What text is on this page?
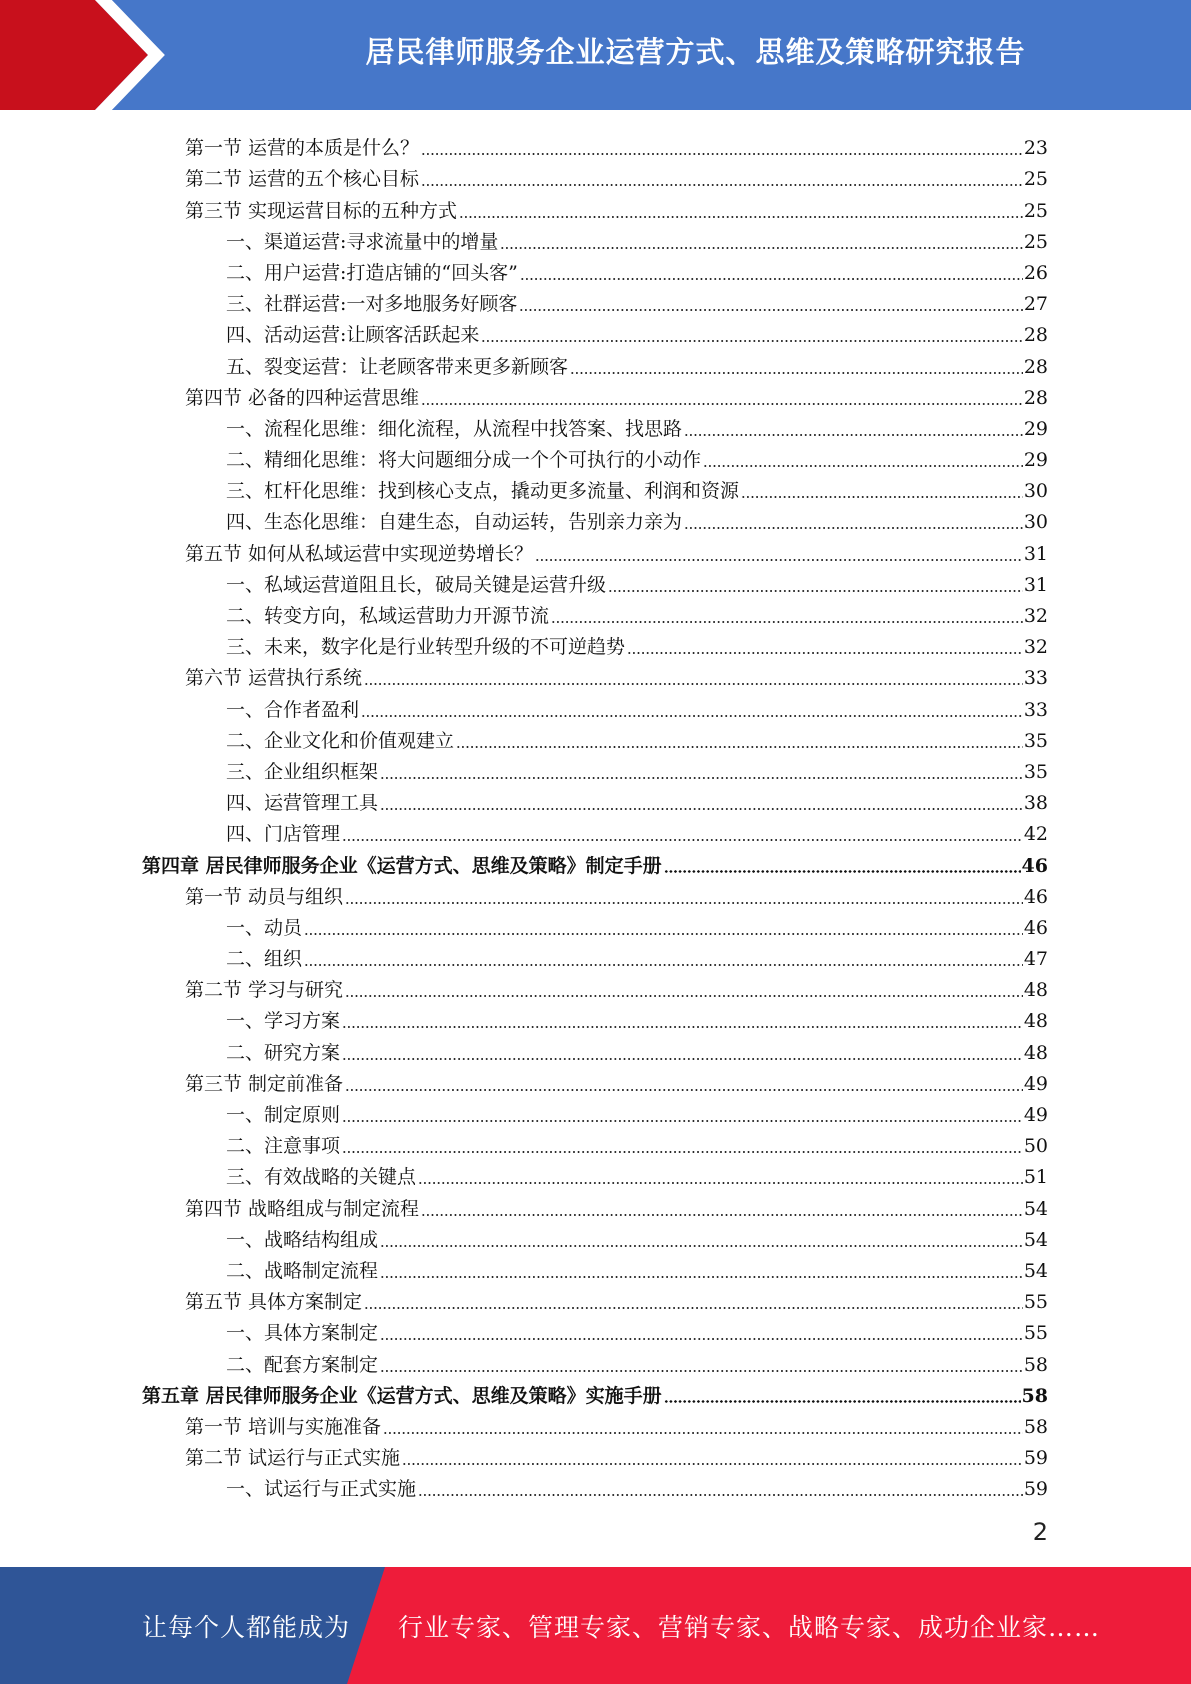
居民律师服务企业运营方式、思维及策略研究报告
第一节 运营的本质是什么？	23
第二节 运营的五个核心目标	25
第三节 实现运营目标的五种方式	25
一、渠道运营:寻求流量中的增量	25
二、用户运营:打造店铺的“回头客”	26
三、社群运营:一对多地服务好顾客	27
四、活动运营:让顾客活跃起来	28
五、裂变运营：让老顾客带来更多新顾客	28
第四节 必备的四种运营思维	28
一、流程化思维：细化流程，从流程中找答案、找思路	29
二、精细化思维：将大问题细分成一个个可执行的小动作	29
三、杠杆化思维：找到核心支点，撬动更多流量、利润和资源	30
四、生态化思维：自建生态，自动运转，告别亲力亲为	30
第五节 如何从私域运营中实现逆势增长？	31
一、私域运营道阻且长，破局关键是运营升级	31
二、转变方向，私域运营助力开源节流	32
三、未来，数字化是行业转型升级的不可逆趋势	32
第六节 运营执行系统	33
一、合作者盈利	33
二、企业文化和价值观建立	35
三、企业组织框架	35
四、运营管理工具	38
四、门店管理	42
第四章 居民律师服务企业《运营方式、思维及策略》制定手册	46
第一节 动员与组织	46
一、动员	46
二、组织	47
第二节 学习与研究	48
一、学习方案	48
二、研究方案	48
第三节 制定前准备	49
一、制定原则	49
二、注意事项	50
三、有效战略的关键点	51
第四节 战略组成与制定流程	54
一、战略结构组成	54
二、战略制定流程	54
第五节 具体方案制定	55
一、具体方案制定	55
二、配套方案制定	58
第五章 居民律师服务企业《运营方式、思维及策略》实施手册	58
第一节 培训与实施准备	58
第二节 试运行与正式实施	59
一、试运行与正式实施	59
2
让每个人都能成为 行业专家、管理专家、营销专家、战略专家、成功企业家……
